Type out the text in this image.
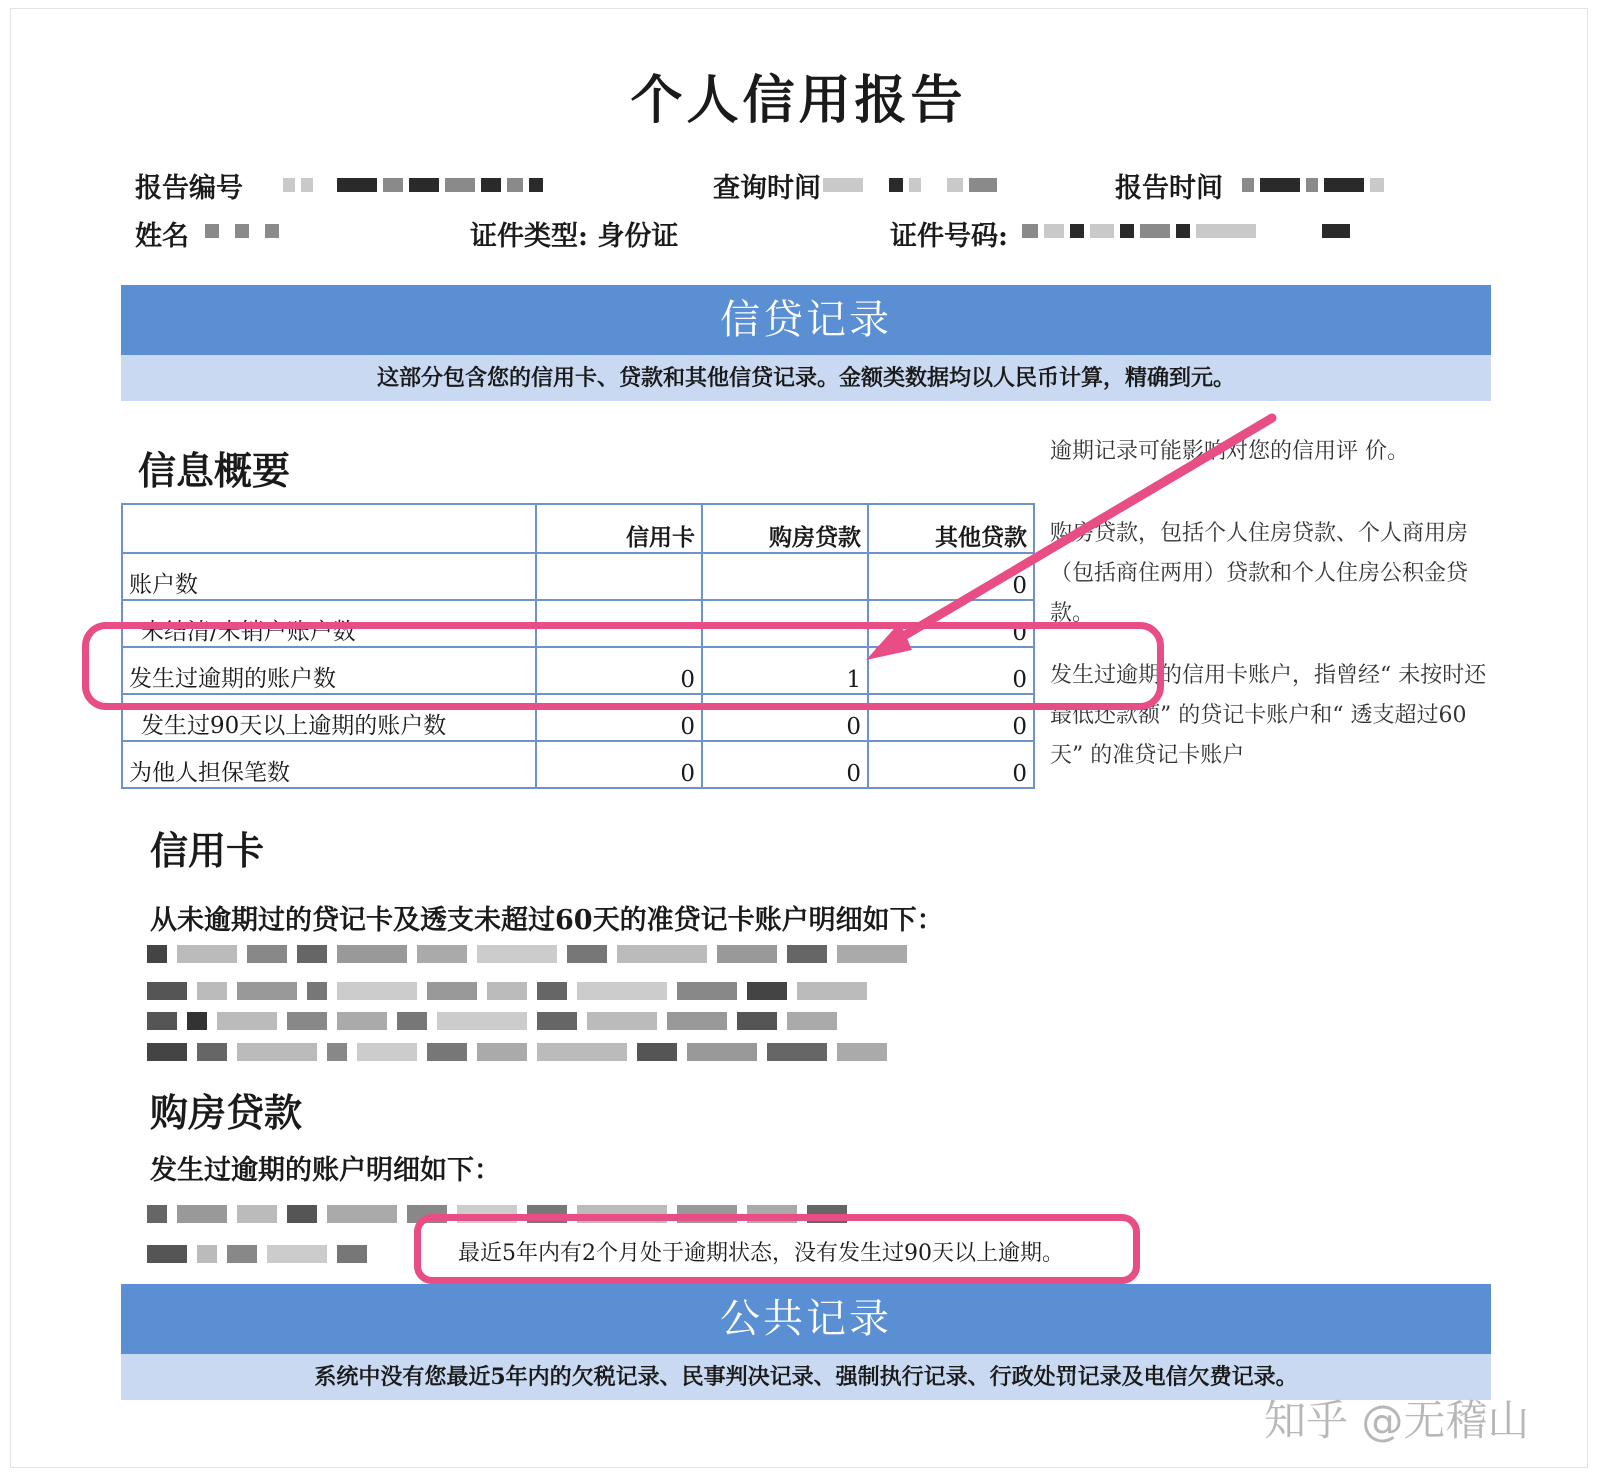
个人信用报告
报告编号	查询时间	报告时间
姓名	证件类型: 身份证	证件号码:
信贷记录
这部分包含您的信用卡、贷款和其他信贷记录。金额类数据均以人民币计算，精确到元。
信息概要
	信用卡	购房贷款	其他贷款
账户数			0
未结清/未销户账户数			0
发生过逾期的账户数	0	1	0
发生过90天以上逾期的账户数	0	0	0
为他人担保笔数	0	0	0
逾期记录可能影响对您的信用评 价。
购房贷款，包括个人住房贷款、个人商用房（包括商住两用）贷款和个人住房公积金贷款。
发生过逾期的信用卡账户，指曾经“ 未按时还最低还款额” 的贷记卡账户和“ 透支超过60天” 的准贷记卡账户
信用卡
从未逾期过的贷记卡及透支未超过60天的准贷记卡账户明细如下：
购房贷款
发生过逾期的账户明细如下：
最近5年内有2个月处于逾期状态，没有发生过90天以上逾期。
公共记录
系统中没有您最近5年内的欠税记录、民事判决记录、强制执行记录、行政处罚记录及电信欠费记录。
知乎 @无稽山
